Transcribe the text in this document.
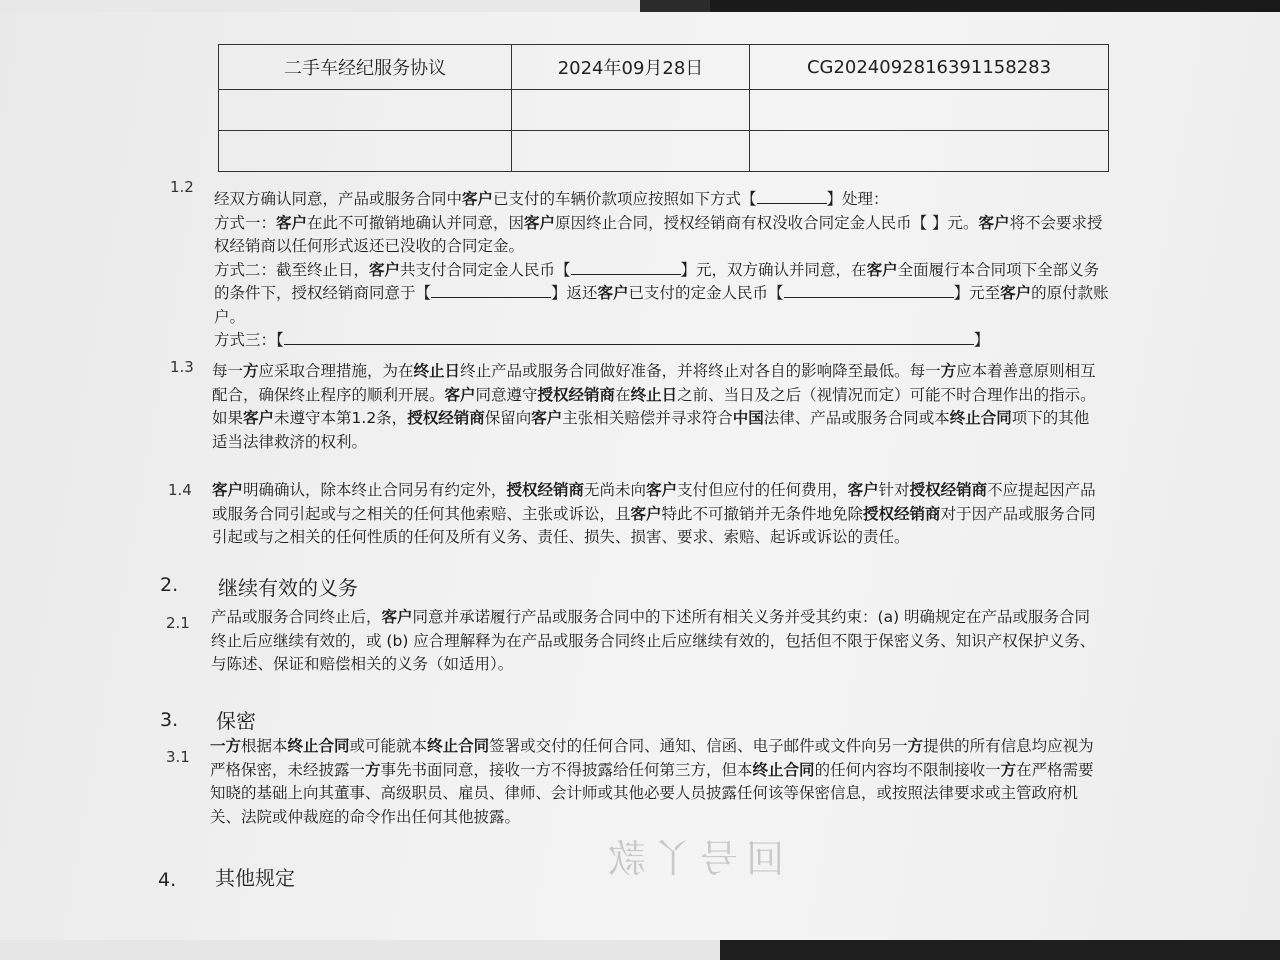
回号丫款
二手车经纪服务协议	2024年09月28日	CG2024092816391158283

1.2
经双方确认同意，产品或服务合同中客户已支付的车辆价款项应按照如下方式【	】处理：
方式一：客户在此不可撤销地确认并同意，因客户原因终止合同，授权经销商有权没收合同定金人民币【 】元。客户将不会要求授
权经销商以任何形式返还已没收的合同定金。
方式二：截至终止日，客户共支付合同定金人民币【	】元，双方确认并同意，在客户全面履行本合同项下全部义务
的条件下，授权经销商同意于【	】返还客户已支付的定金人民币【	】元至客户的原付款账
户。
方式三：【	】
1.3 每一方应采取合理措施，为在终止日终止产品或服务合同做好准备，并将终止对各自的影响降至最低。每一方应本着善意原则相互
配合，确保终止程序的顺利开展。客户同意遵守授权经销商在终止日之前、当日及之后（视情况而定）可能不时合理作出的指示。
如果客户未遵守本第1.2条，授权经销商保留向客户主张相关赔偿并寻求符合中国法律、产品或服务合同或本终止合同项下的其他
适当法律救济的权利。
1.4 客户明确确认，除本终止合同另有约定外，授权经销商无尚未向客户支付但应付的任何费用，客户针对授权经销商不应提起因产品
或服务合同引起或与之相关的任何其他索赔、主张或诉讼，且客户特此不可撤销并无条件地免除授权经销商对于因产品或服务合同
引起或与之相关的任何性质的任何及所有义务、责任、损失、损害、要求、索赔、起诉或诉讼的责任。
2. 继续有效的义务
2.1 产品或服务合同终止后，客户同意并承诺履行产品或服务合同中的下述所有相关义务并受其约束：(a) 明确规定在产品或服务合同
终止后应继续有效的，或 (b) 应合理解释为在产品或服务合同终止后应继续有效的，包括但不限于保密义务、知识产权保护义务、
与陈述、保证和赔偿相关的义务（如适用）。
3. 保密
3.1
一方根据本终止合同或可能就本终止合同签署或交付的任何合同、通知、信函、电子邮件或文件向另一方提供的所有信息均应视为
严格保密，未经披露一方事先书面同意，接收一方不得披露给任何第三方，但本终止合同的任何内容均不限制接收一方在严格需要
知晓的基础上向其董事、高级职员、雇员、律师、会计师或其他必要人员披露任何该等保密信息，或按照法律要求或主管政府机
关、法院或仲裁庭的命令作出任何其他披露。
4. 其他规定
